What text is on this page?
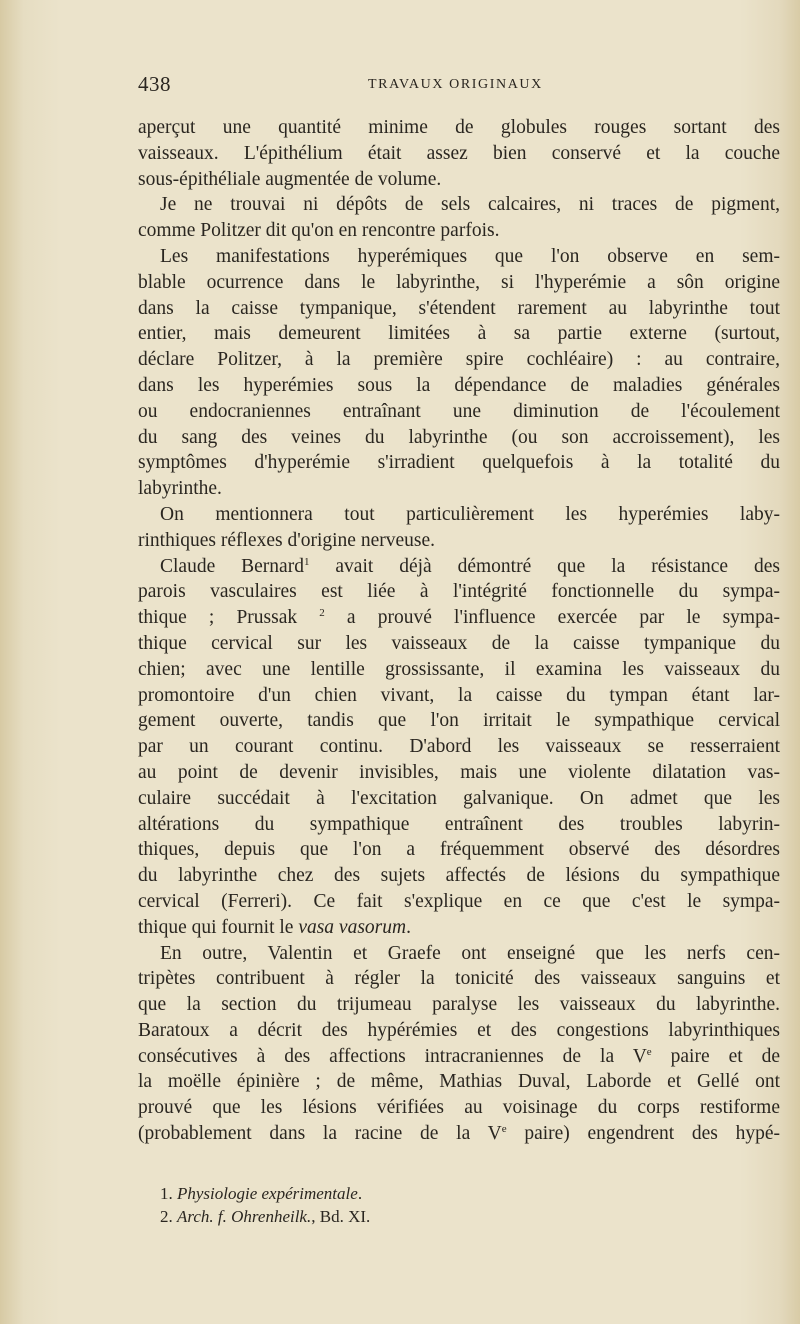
438	TRAVAUX ORIGINAUX
aperçut une quantité minime de globules rouges sortant des
vaisseaux. L'épithélium était assez bien conservé et la couche
sous-épithéliale augmentée de volume.
Je ne trouvai ni dépôts de sels calcaires, ni traces de pigment,
comme Politzer dit qu'on en rencontre parfois.
Les manifestations hyperémiques que l'on observe en sem-
blable ocurrence dans le labyrinthe, si l'hyperémie a sôn origine
dans la caisse tympanique, s'étendent rarement au labyrinthe tout
entier, mais demeurent limitées à sa partie externe (surtout,
déclare Politzer, à la première spire cochléaire) : au contraire,
dans les hyperémies sous la dépendance de maladies générales
ou endocraniennes entraînant une diminution de l'écoulement
du sang des veines du labyrinthe (ou son accroissement), les
symptômes d'hyperémie s'irradient quelquefois à la totalité du
labyrinthe.
On mentionnera tout particulièrement les hyperémies laby-
rinthiques réflexes d'origine nerveuse.
Claude Bernard$^1$ avait déjà démontré que la résistance des
parois vasculaires est liée à l'intégrité fonctionnelle du sympa-
thique ; Prussak $^2$ a prouvé l'influence exercée par le sympa-
thique cervical sur les vaisseaux de la caisse tympanique du
chien; avec une lentille grossissante, il examina les vaisseaux du
promontoire d'un chien vivant, la caisse du tympan étant lar-
gement ouverte, tandis que l'on irritait le sympathique cervical
par un courant continu. D'abord les vaisseaux se resserraient
au point de devenir invisibles, mais une violente dilatation vas-
culaire succédait à l'excitation galvanique. On admet que les
altérations du sympathique entraînent des troubles labyrin-
thiques, depuis que l'on a fréquemment observé des désordres
du labyrinthe chez des sujets affectés de lésions du sympathique
cervical (Ferreri). Ce fait s'explique en ce que c'est le sympa-
thique qui fournit le vasa vasorum.
En outre, Valentin et Graefe ont enseigné que les nerfs cen-
tripètes contribuent à régler la tonicité des vaisseaux sanguins et
que la section du trijumeau paralyse les vaisseaux du labyrinthe.
Baratoux a décrit des hypérémies et des congestions labyrinthiques
consécutives à des affections intracraniennes de la Ve paire et de
la moëlle épinière ; de même, Mathias Duval, Laborde et Gellé ont
prouvé que les lésions vérifiées au voisinage du corps restiforme
(probablement dans la racine de la Ve paire) engendrent des hypé-
1. Physiologie expérimentale.
2. Arch. f. Ohrenheilk., Bd. XI.
